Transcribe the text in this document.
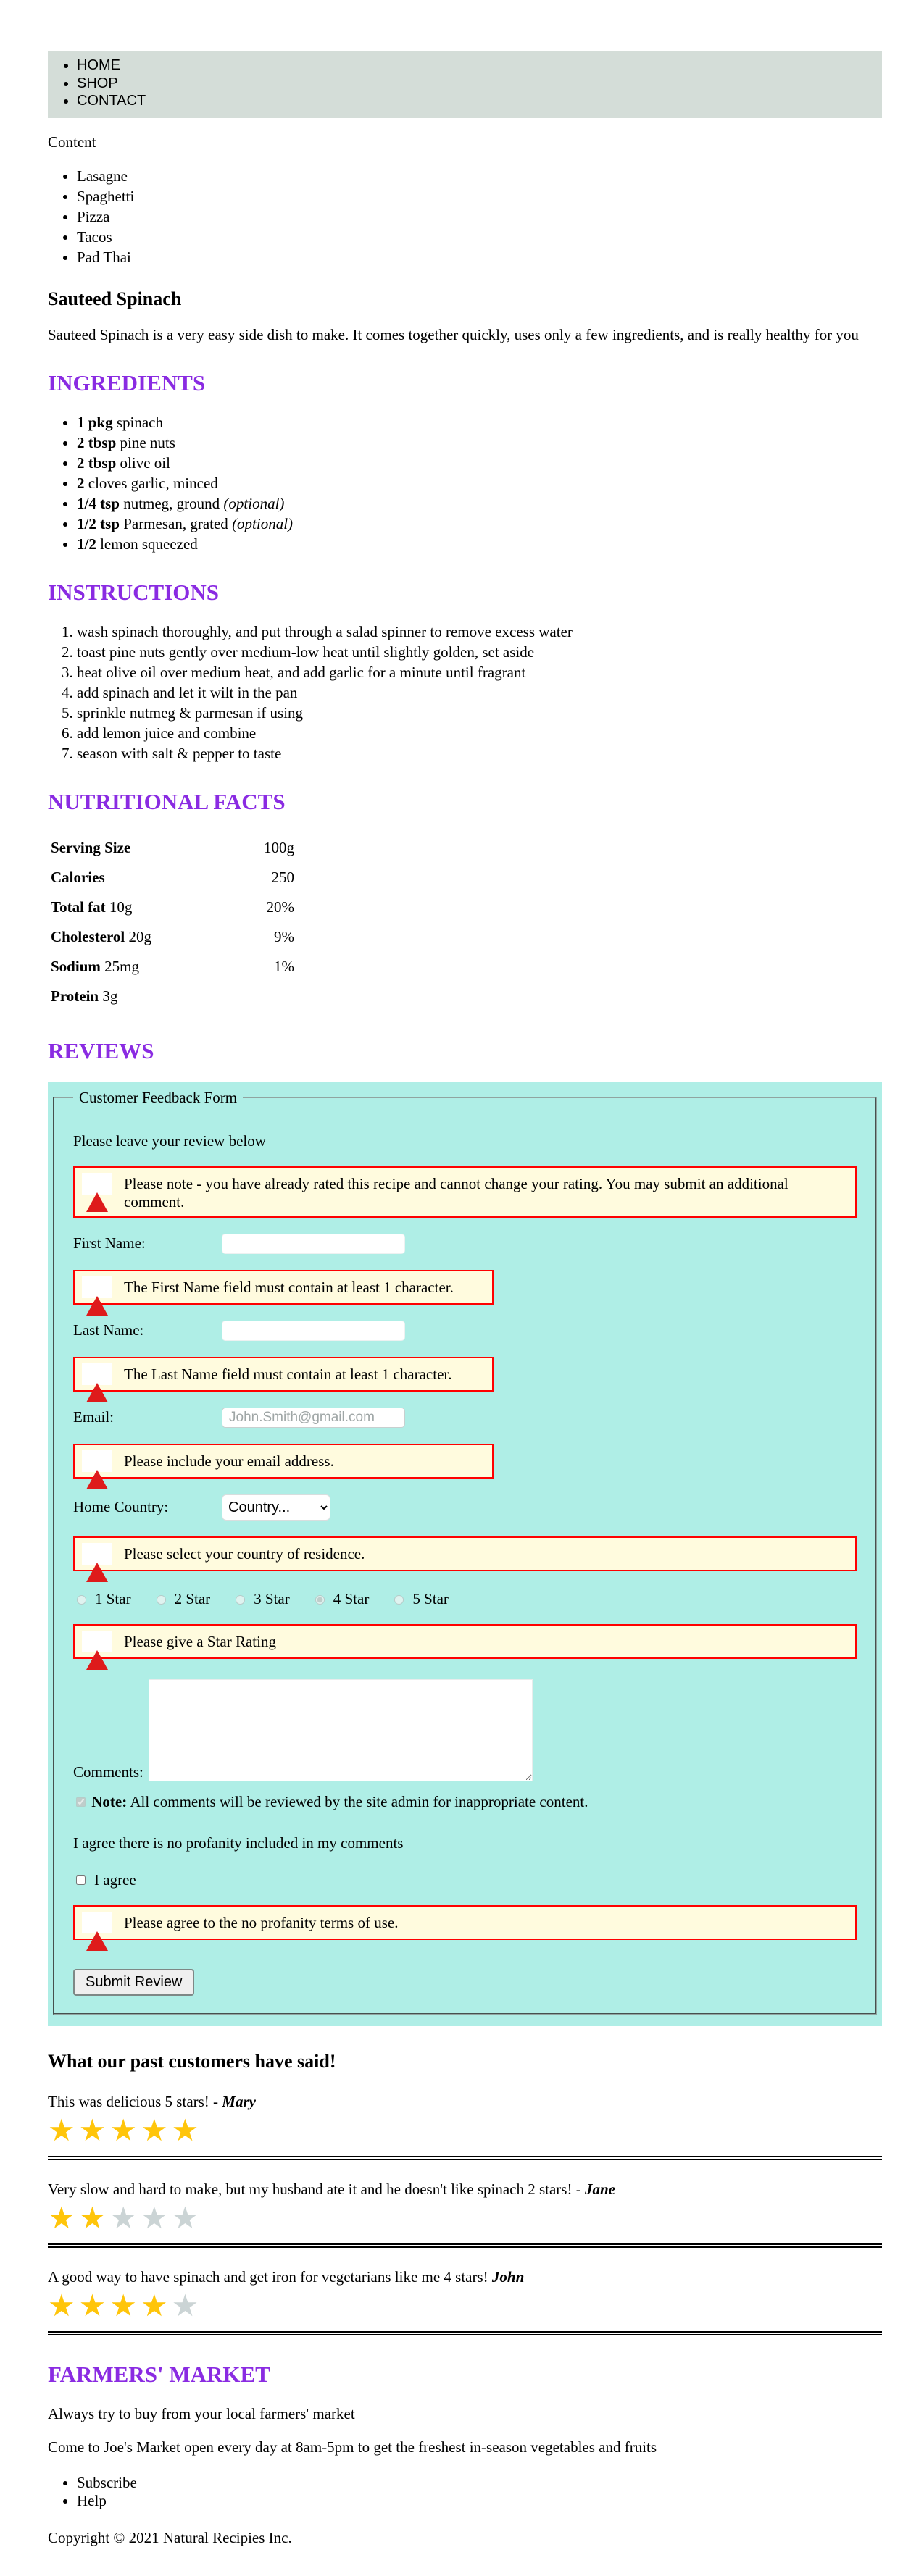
• HOME
• SHOP
• CONTACT

Content

• Lasagne
• Spaghetti
• Pizza
• Tacos
• Pad Thai
Sauteed Spinach

Sauteed Spinach is a very easy side dish to make. It comes together quickly, uses only a few ingredients, and is really healthy for you

INGREDIENTS
• 1 pkg spinach
• 2 tbsp pine nuts
• 2 tbsp olive oil
• 2 cloves garlic, minced
• 1/4 tsp nutmeg, ground (optional)
• 1/2 tsp Parmesan, grated (optional)
• 1/2 lemon squeezed
INSTRUCTIONS
1. wash spinach thoroughly, and put through a salad spinner to remove excess water
2. toast pine nuts gently over medium-low heat until slightly golden, set aside
3. heat olive oil over medium heat, and add garlic for a minute until fragrant
4. add spinach and let it wilt in the pan
5. sprinkle nutmeg & parmesan if using
6. add lemon juice and combine
7. season with salt & pepper to taste
NUTRITIONAL FACTS
Serving Size	100g
Calories	250
Total fat 10g	20%
Cholesterol 20g	9%
Sodium 25mg	1%
Protein 3g	
REVIEWS
Customer Feedback Form

Please leave your review below

!
Please note - you have already rated this recipe and cannot change your rating. You may submit an additional comment.
First Name:
!
The First Name field must contain at least 1 character.
Last Name:
!
The Last Name field must contain at least 1 character.
Email:
John.Smith@gmail.com
!
Please include your email address.
Home Country:
Country...
!
Please select your country of residence.
1 Star	2 Star	3 Star	4 Star	5 Star
!
Please give a Star Rating
Comments:
Note: All comments will be reviewed by the site admin for inappropriate content.

I agree there is no profanity included in my comments

I agree
!
Please agree to the no profanity terms of use.
Submit Review
What our past customers have said!

This was delicious 5 stars! - Mary

★★★★★

Very slow and hard to make, but my husband ate it and he doesn't like spinach 2 stars! - Jane

★★★★★

A good way to have spinach and get iron for vegetarians like me 4 stars! John

★★★★★
FARMERS' MARKET

Always try to buy from your local farmers' market

Come to Joe's Market open every day at 8am-5pm to get the freshest in-season vegetables and fruits

• Subscribe
• Help

Copyright © 2021 Natural Recipies Inc.
